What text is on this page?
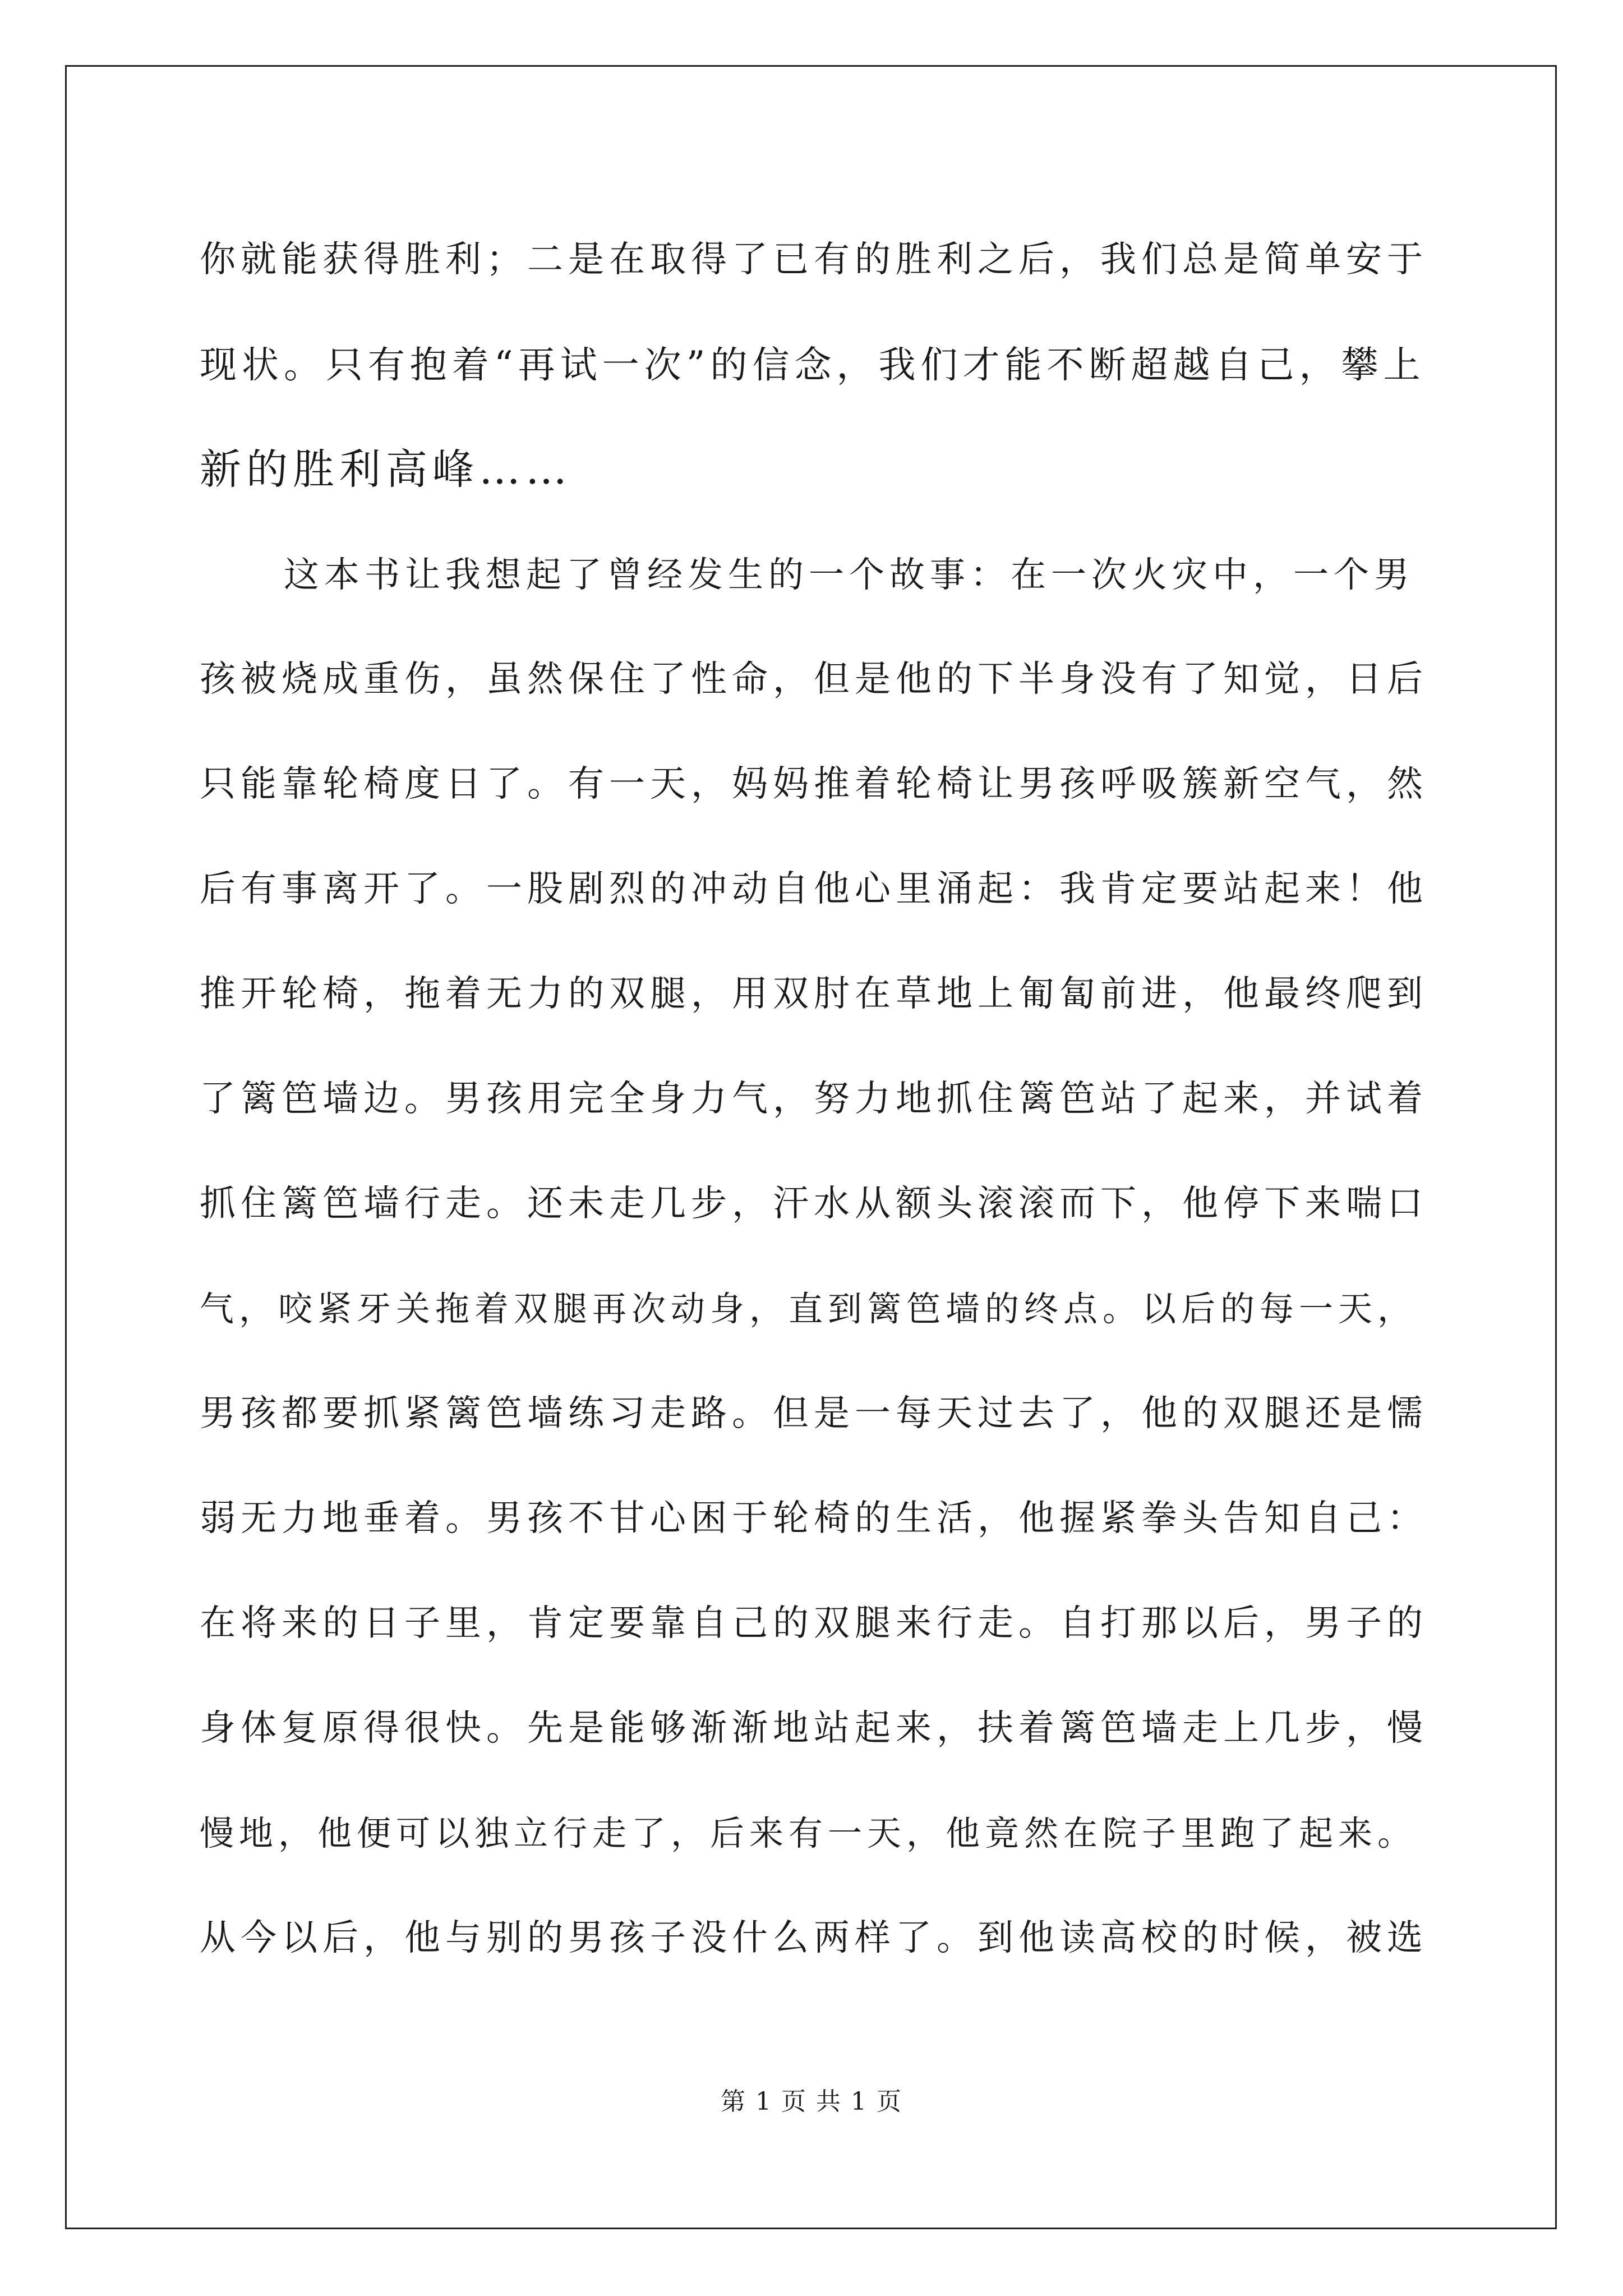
你就能获得胜利；二是在取得了已有的胜利之后，我们总是简单安于
现状。只有抱着“再试一次”的信念，我们才能不断超越自己，攀上
新的胜利高峰……
这本书让我想起了曾经发生的一个故事：在一次火灾中，一个男
孩被烧成重伤，虽然保住了性命，但是他的下半身没有了知觉，日后
只能靠轮椅度日了。有一天，妈妈推着轮椅让男孩呼吸簇新空气，然
后有事离开了。一股剧烈的冲动自他心里涌起：我肯定要站起来！他
推开轮椅，拖着无力的双腿，用双肘在草地上匍匐前进，他最终爬到
了篱笆墙边。男孩用完全身力气，努力地抓住篱笆站了起来，并试着
抓住篱笆墙行走。还未走几步，汗水从额头滚滚而下，他停下来喘口
气，咬紧牙关拖着双腿再次动身，直到篱笆墙的终点。以后的每一天，
男孩都要抓紧篱笆墙练习走路。但是一每天过去了，他的双腿还是懦
弱无力地垂着。男孩不甘心困于轮椅的生活，他握紧拳头告知自己：
在将来的日子里，肯定要靠自己的双腿来行走。自打那以后，男子的
身体复原得很快。先是能够渐渐地站起来，扶着篱笆墙走上几步，慢
慢地，他便可以独立行走了，后来有一天，他竟然在院子里跑了起来。
从今以后，他与别的男孩子没什么两样了。到他读高校的时候，被选
第 1 页 共 1 页
